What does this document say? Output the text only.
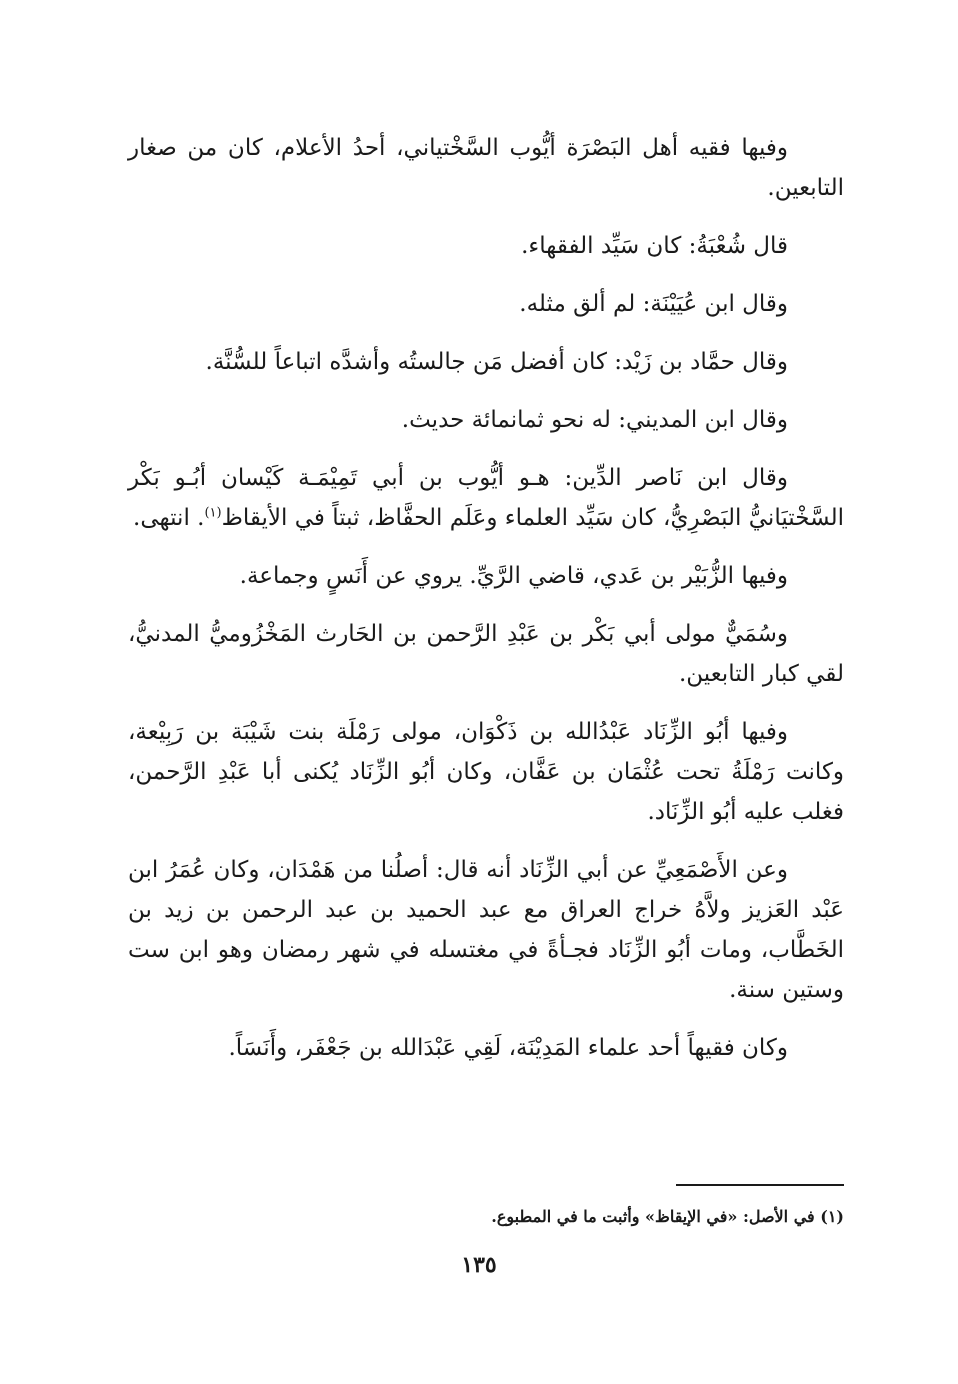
وفيها فقيه أهل البَصْرَة أيُّوب السَّخْتياني، أحدُ الأعلام، كان من صغار التابعين.

قال شُعْبَةُ: كان سَيِّد الفقهاء.

وقال ابن عُيَيْنَة: لم ألق مثله.

وقال حمَّاد بن زَيْد: كان أفضل مَن جالستُه وأشدَّه اتباعاً للسُّنَّة.

وقال ابن المديني: له نحو ثمانمائة حديث.

وقال ابن نَاصر الدِّين: هـو أيُّوب بن أبي تَمِيْمَـة كَيْسان أبُـو بَكْر السَّخْتيَانيُّ البَصْرِيُّ، كان سَيِّد العلماء وعَلَم الحفَّاظ، ثبتاً في الأيقاظ$^{(١)}$. انتهى.

وفيها الزُّبَيْر بن عَدي، قاضي الرَّيِّ. يروي عن أَنَسٍ وجماعة.

وسُمَيٌّ مولى أبي بَكْر بن عَبْدِ الرَّحمن بن الحَارث المَخْزُوميُّ المدنيُّ، لقي كبار التابعين.

وفيها أبُو الزِّنَاد عَبْدُالله بن ذَكْوَان، مولى رَمْلَة بنت شَيْبَة بن رَبِيْعة، وكانت رَمْلَةُ تحت عُثْمَان بن عَفَّان، وكان أبُو الزِّنَاد يُكنى أبا عَبْدِ الرَّحمن، فغلب عليه أبُو الزِّنَاد.

وعن الأَصْمَعِيِّ عن أبي الزِّنَاد أنه قال: أصلُنا من هَمْدَان، وكان عُمَرُ ابن عَبْد العَزيز ولاَّهُ خراج العراق مع عبد الحميد بن عبد الرحمن بن زيد بن الخَطَّاب، ومات أبُو الزِّنَاد فجـأةً في مغتسله في شهر رمضان وهو ابن ست وستين سنة.

وكان فقيهاً أحد علماء المَدِيْنَة، لَقِي عَبْدَالله بن جَعْفَر، وأَنَسَاً.

(١) في الأصل: «في الإيقاظ» وأثبت ما في المطبوع.
١٣٥
